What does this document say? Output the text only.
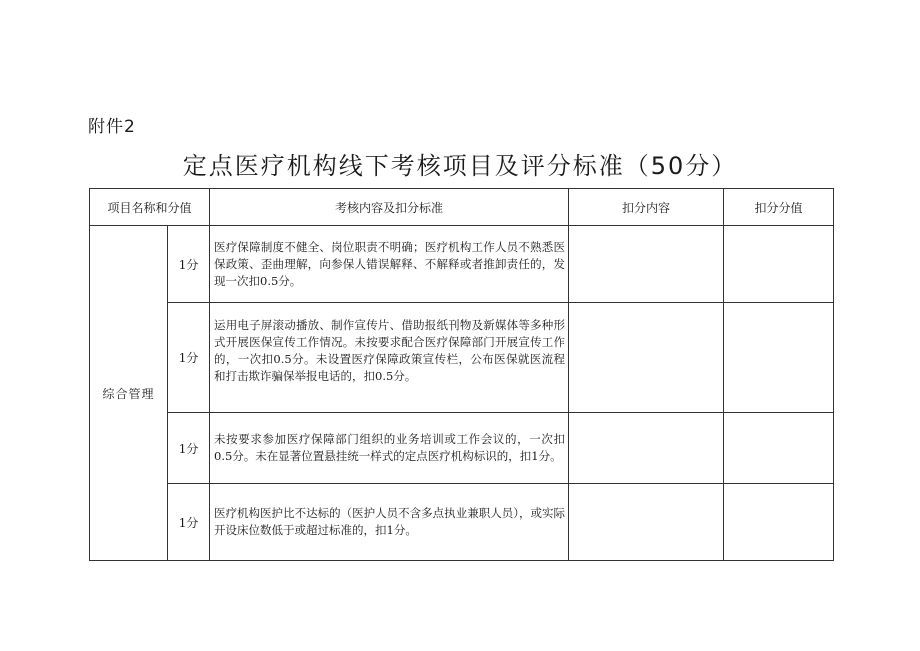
附件2
定点医疗机构线下考核项目及评分标准（50分）
项目名称和分值		考核内容及扣分标准	扣分内容	扣分分值
综合管理	1分	医疗保障制度不健全、岗位职责不明确；医疗机构工作人员不熟悉医保政策、歪曲理解，向参保人错误解释、不解释或者推卸责任的，发现一次扣0.5分。		
	1分	运用电子屏滚动播放、制作宣传片、借助报纸刊物及新媒体等多种形式开展医保宣传工作情况。未按要求配合医疗保障部门开展宣传工作的，一次扣0.5分。未设置医疗保障政策宣传栏，公布医保就医流程和打击欺诈骗保举报电话的，扣0.5分。		
	1分	未按要求参加医疗保障部门组织的业务培训或工作会议的，一次扣0.5分。未在显著位置悬挂统一样式的定点医疗机构标识的，扣1分。		
	1分	医疗机构医护比不达标的（医护人员不含多点执业兼职人员），或实际开设床位数低于或超过标准的，扣1分。		
